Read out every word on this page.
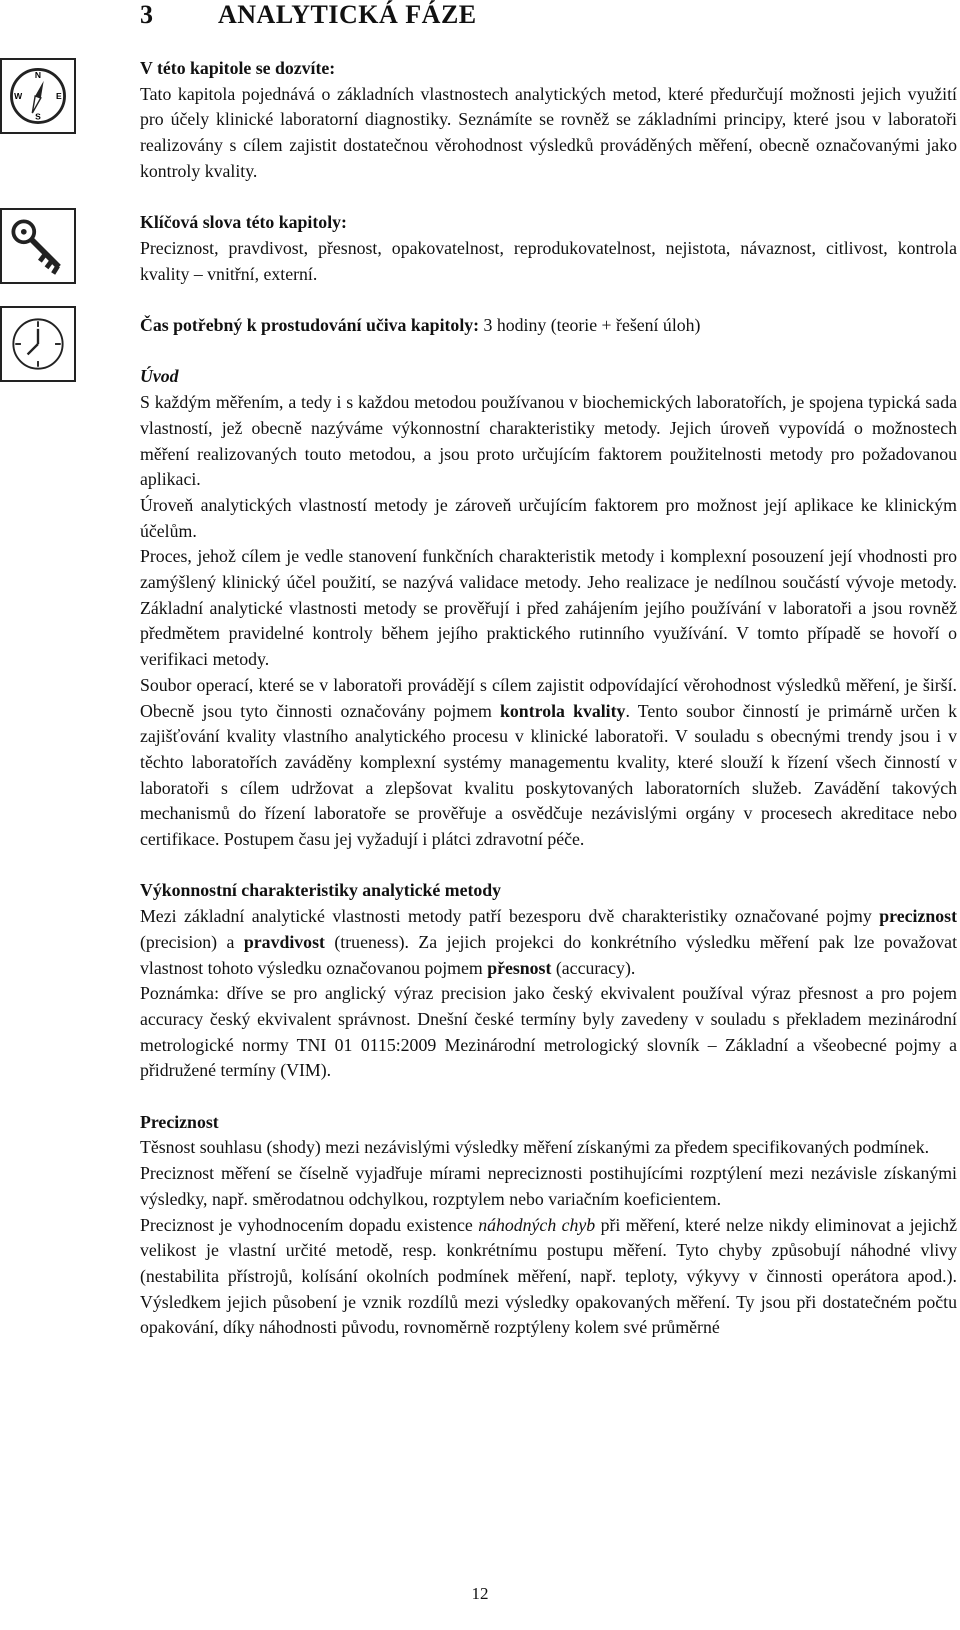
3 ANALYTICKÁ FÁZE
N
W	E
S

V této kapitole se dozvíte:

Tato kapitola pojednává o základních vlastnostech analytických metod, které předurčují možnosti jejich využití pro účely klinické laboratorní diagnostiky. Seznámíte se rovněž se základními principy, které jsou v laboratoři realizovány s cílem zajistit dostatečnou věrohodnost výsledků prováděných měření, obecně označovanými jako kontroly kvality.

Klíčová slova této kapitoly:

Preciznost, pravdivost, přesnost, opakovatelnost, reprodukovatelnost, nejistota, návaznost, citlivost, kontrola kvality – vnitřní, externí.

Čas potřebný k prostudování učiva kapitoly: 3 hodiny (teorie + řešení úloh)

Úvod

S každým měřením, a tedy i s každou metodou používanou v biochemických laboratořích, je spojena typická sada vlastností, jež obecně nazýváme výkonnostní charakteristiky metody. Jejich úroveň vypovídá o možnostech měření realizovaných touto metodou, a jsou proto určujícím faktorem použitelnosti metody pro požadovanou aplikaci.

Úroveň analytických vlastností metody je zároveň určujícím faktorem pro možnost její aplikace ke klinickým účelům.

Proces, jehož cílem je vedle stanovení funkčních charakteristik metody i komplexní posouzení její vhodnosti pro zamýšlený klinický účel použití, se nazývá validace metody. Jeho realizace je nedílnou součástí vývoje metody. Základní analytické vlastnosti metody se prověřují i před zahájením jejího používání v laboratoři a jsou rovněž předmětem pravidelné kontroly během jejího praktického rutinního využívání. V tomto případě se hovoří o verifikaci metody.

Soubor operací, které se v laboratoři provádějí s cílem zajistit odpovídající věrohodnost výsledků měření, je širší. Obecně jsou tyto činnosti označovány pojmem kontrola kvality. Tento soubor činností je primárně určen k zajišťování kvality vlastního analytického procesu v klinické laboratoři. V souladu s obecnými trendy jsou i v těchto laboratořích zaváděny komplexní systémy managementu kvality, které slouží k řízení všech činností v laboratoři s cílem udržovat a zlepšovat kvalitu poskytovaných laboratorních služeb. Zavádění takových mechanismů do řízení laboratoře se prověřuje a osvědčuje nezávislými orgány v procesech akreditace nebo certifikace. Postupem času jej vyžadují i plátci zdravotní péče.

Výkonnostní charakteristiky analytické metody

Mezi základní analytické vlastnosti metody patří bezesporu dvě charakteristiky označované pojmy preciznost (precision) a pravdivost (trueness). Za jejich projekci do konkrétního výsledku měření pak lze považovat vlastnost tohoto výsledku označovanou pojmem přesnost (accuracy).

Poznámka: dříve se pro anglický výraz precision jako český ekvivalent používal výraz přesnost a pro pojem accuracy český ekvivalent správnost. Dnešní české termíny byly zavedeny v souladu s překladem mezinárodní metrologické normy TNI 01 0115:2009 Mezinárodní metrologický slovník – Základní a všeobecné pojmy a přidružené termíny (VIM).

Preciznost

Těsnost souhlasu (shody) mezi nezávislými výsledky měření získanými za předem specifikovaných podmínek.

Preciznost měření se číselně vyjadřuje mírami nepreciznosti postihujícími rozptýlení mezi nezávisle získanými výsledky, např. směrodatnou odchylkou, rozptylem nebo variačním koeficientem.

Preciznost je vyhodnocením dopadu existence náhodných chyb při měření, které nelze nikdy eliminovat a jejichž velikost je vlastní určité metodě, resp. konkrétnímu postupu měření. Tyto chyby způsobují náhodné vlivy (nestabilita přístrojů, kolísání okolních podmínek měření, např. teploty, výkyvy v činnosti operátora apod.). Výsledkem jejich působení je vznik rozdílů mezi výsledky opakovaných měření. Ty jsou při dostatečném počtu opakování, díky náhodnosti původu, rovnoměrně rozptýleny kolem své průměrné

12
